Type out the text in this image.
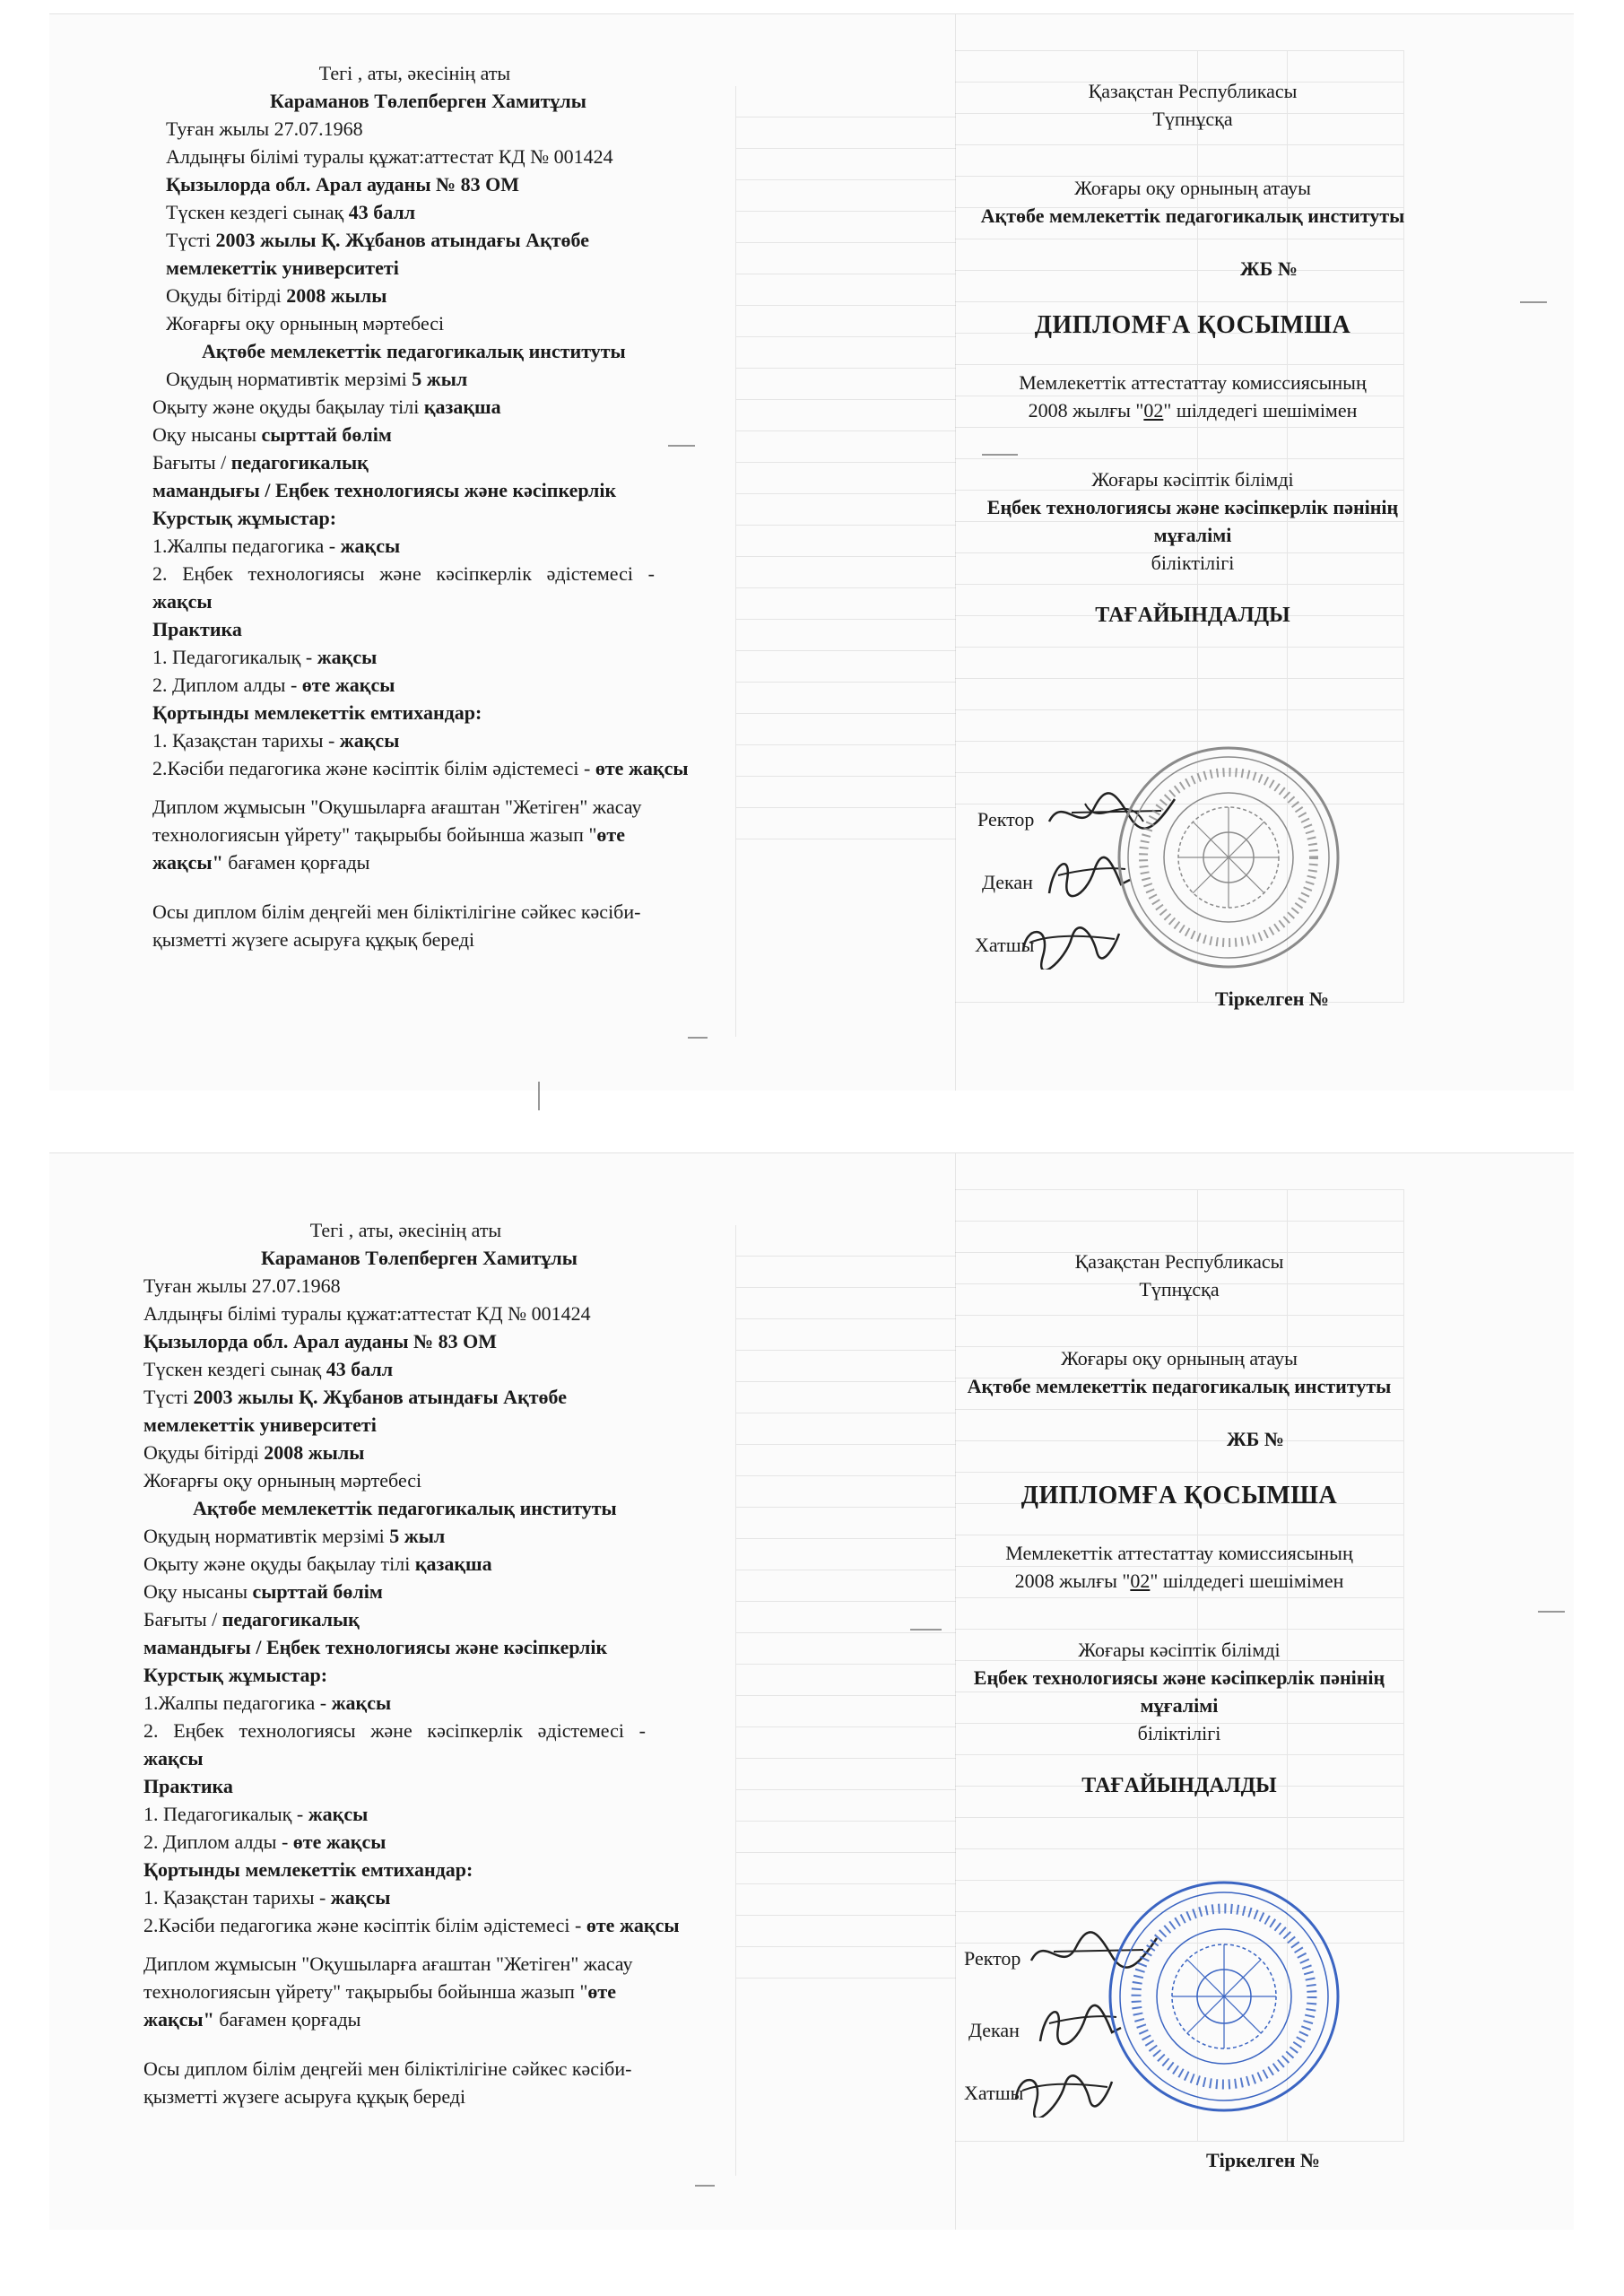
Тегі , аты, әкесінің аты
Караманов Төлепберген Хамитұлы
Туған жылы 27.07.1968
Алдыңғы білімі туралы құжат:аттестат КД № 001424
Қызылорда обл. Арал ауданы № 83 ОМ
Түскен кездегі сынақ 43 балл
Түсті 2003 жылы Қ. Жұбанов атындағы Ақтөбе мемлекеттік университеті
Оқуды бітірді 2008 жылы
Жоғарғы оқу орнының мәртебесі
Ақтөбе мемлекеттік педагогикалық институты
Оқудың нормативтік мерзімі 5 жыл
Оқыту және оқуды бақылау тілі қазақша
Оқу нысаны сырттай бөлім
Бағыты / педагогикалық
мамандығы / Еңбек технологиясы және кәсіпкерлік
Курстық жұмыстар:
1.Жалпы педагогика - жақсы
2. Еңбек технологиясы және кәсіпкерлік әдістемесі - жақсы
Практика
1. Педагогикалық - жақсы
2. Диплом алды - өте жақсы
Қортынды мемлекеттік емтихандар:
1. Қазақстан тарихы - жақсы
2.Кәсіби педагогика және кәсіптік білім әдістемесі - өте жақсы
Диплом жұмысын "Оқушыларға ағаштан "Жетіген" жасау технологиясын үйрету" тақырыбы бойынша жазып "өте жақсы" бағамен қорғады
Осы диплом білім деңгейі мен біліктілігіне сәйкес кәсіби-қызметті жүзеге асыруға құқық береді
Қазақстан Республикасы
Түпнұсқа
Жоғары оқу орнының атауы
Ақтөбе мемлекеттік педагогикалық институты
ЖБ №
ДИПЛОМҒА ҚОСЫМША
Мемлекеттік аттестаттау комиссиясының
2008 жылғы "02" шілдедегі шешімімен
Жоғары кәсіптік білімді
Еңбек технологиясы және кәсіпкерлік пәнінің мұғалімі
біліктілігі
ТАҒАЙЫНДАЛДЫ
Ректор
Декан
Хатшы
Тіркелген №
Тегі , аты, әкесінің аты
Караманов Төлепберген Хамитұлы
Туған жылы 27.07.1968
Алдыңғы білімі туралы құжат:аттестат КД № 001424
Қызылорда обл. Арал ауданы № 83 ОМ
Түскен кездегі сынақ 43 балл
Түсті 2003 жылы Қ. Жұбанов атындағы Ақтөбе мемлекеттік университеті
Оқуды бітірді 2008 жылы
Жоғарғы оқу орнының мәртебесі
Ақтөбе мемлекеттік педагогикалық институты
Оқудың нормативтік мерзімі 5 жыл
Оқыту және оқуды бақылау тілі қазақша
Оқу нысаны сырттай бөлім
Бағыты / педагогикалық
мамандығы / Еңбек технологиясы және кәсіпкерлік
Курстық жұмыстар:
1.Жалпы педагогика - жақсы
2. Еңбек технологиясы және кәсіпкерлік әдістемесі - жақсы
Практика
1. Педагогикалық - жақсы
2. Диплом алды - өте жақсы
Қортынды мемлекеттік емтихандар:
1. Қазақстан тарихы - жақсы
2.Кәсіби педагогика және кәсіптік білім әдістемесі - өте жақсы
Диплом жұмысын "Оқушыларға ағаштан "Жетіген" жасау технологиясын үйрету" тақырыбы бойынша жазып "өте жақсы" бағамен қорғады
Осы диплом білім деңгейі мен біліктілігіне сәйкес кәсіби-қызметті жүзеге асыруға құқық береді
Қазақстан Республикасы
Түпнұсқа
Жоғары оқу орнының атауы
Ақтөбе мемлекеттік педагогикалық институты
ЖБ №
ДИПЛОМҒА ҚОСЫМША
Мемлекеттік аттестаттау комиссиясының
2008 жылғы "02" шілдедегі шешімімен
Жоғары кәсіптік білімді
Еңбек технологиясы және кәсіпкерлік пәнінің мұғалімі
біліктілігі
ТАҒАЙЫНДАЛДЫ
Ректор
Декан
Хатшы
Тіркелген №
